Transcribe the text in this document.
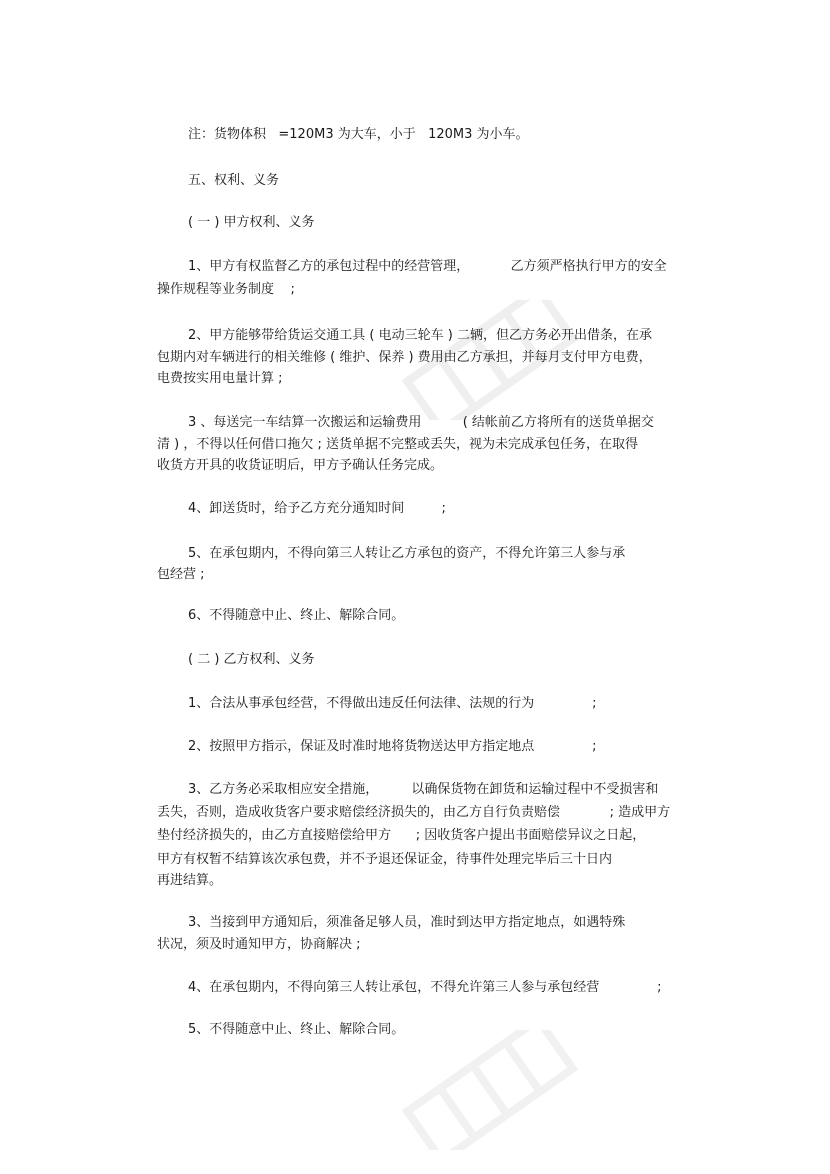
注：货物体积   =120M3 为大车，小于   120M3 为小车。

五、权利、义务

( 一 ) 甲方权利、义务

1、甲方有权监督乙方的承包过程中的经营管理，          乙方须严格执行甲方的安全

操作规程等业务制度    ;

2、甲方能够带给货运交通工具 ( 电动三轮车 ) 二辆，但乙方务必开出借条，在承

包期内对车辆进行的相关维修 ( 维护、保养 ) 费用由乙方承担，并每月支付甲方电费，

电费按实用电量计算 ;

3 、每送完一车结算一次搬运和运输费用          ( 结帐前乙方将所有的送货单据交

清 ) ，不得以任何借口拖欠 ; 送货单据不完整或丢失，视为未完成承包任务，在取得

收货方开具的收货证明后，甲方予确认任务完成。

4、卸送货时，给予乙方充分通知时间         ;

5、在承包期内，不得向第三人转让乙方承包的资产，不得允许第三人参与承

包经营 ;

6、不得随意中止、终止、解除合同。

( 二 ) 乙方权利、义务

1、合法从事承包经营，不得做出违反任何法律、法规的行为              ;

2、按照甲方指示，保证及时准时地将货物送达甲方指定地点              ;

3、乙方务必采取相应安全措施，        以确保货物在卸货和运输过程中不受损害和

丢失，否则，造成收货客户要求赔偿经济损失的，由乙方自行负责赔偿            ; 造成甲方

垫付经济损失的，由乙方直接赔偿给甲方      ; 因收货客户提出书面赔偿异议之日起，

甲方有权暂不结算该次承包费，并不予退还保证金，待事件处理完毕后三十日内

再进结算。

3、当接到甲方通知后，须准备足够人员，准时到达甲方指定地点，如遇特殊

状况，须及时通知甲方，协商解决 ;

4、在承包期内，不得向第三人转让承包，不得允许第三人参与承包经营              ;

5、不得随意中止、终止、解除合同。
